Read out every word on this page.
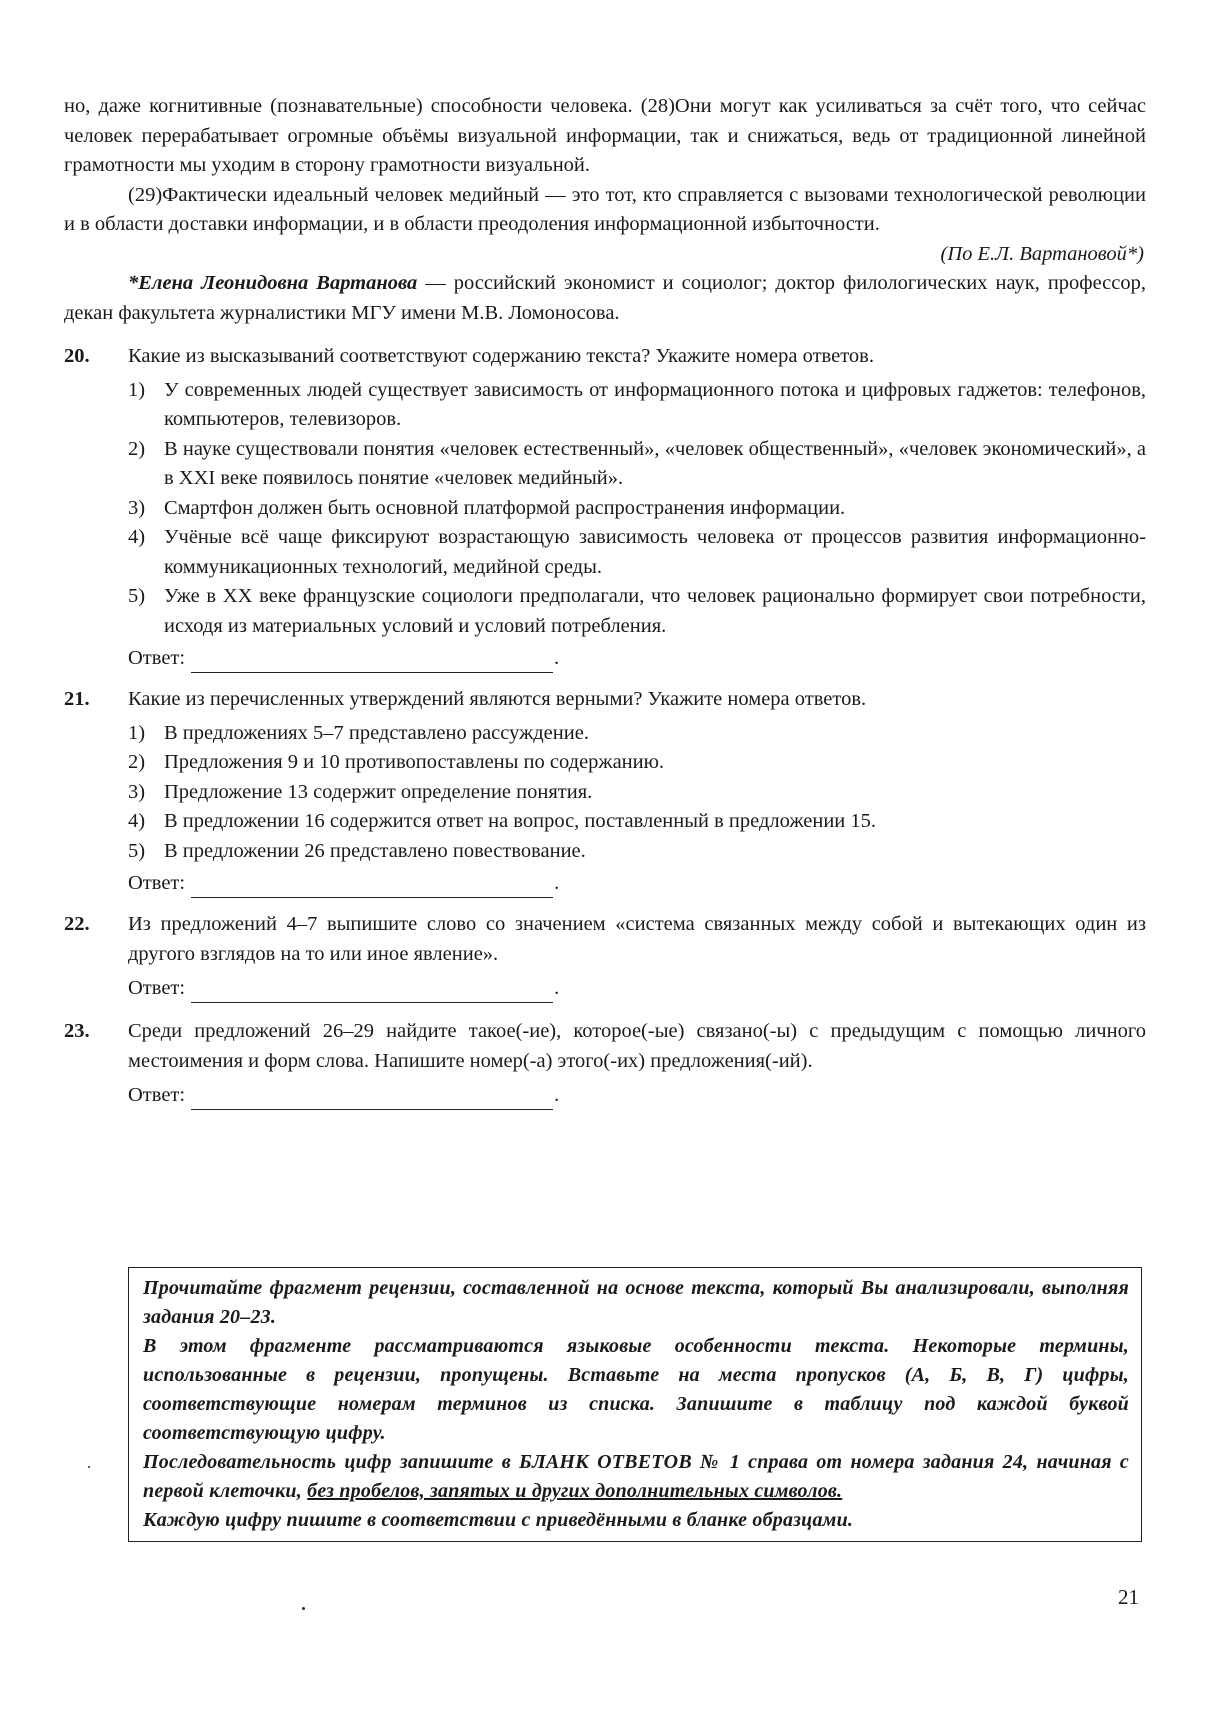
но, даже когнитивные (познавательные) способности человека. (28)Они могут как усиливаться за счёт того, что сейчас человек перерабатывает огромные объёмы визуальной информации, так и снижаться, ведь от традиционной линейной грамотности мы уходим в сторону грамотности визуальной.

(29)Фактически идеальный человек медийный — это тот, кто справляется с вызовами технологической революции и в области доставки информации, и в области преодоления информационной избыточности.

(По Е.Л. Вартановой*)

*Елена Леонидовна Вартанова — российский экономист и социолог; доктор филологических наук, профессор, декан факультета журналистики МГУ имени М.В. Ломоносова.

20. Какие из высказываний соответствуют содержанию текста? Укажите номера ответов.

1) У современных людей существует зависимость от информационного потока и цифровых гаджетов: телефонов, компьютеров, телевизоров.
2) В науке существовали понятия «человек естественный», «человек общественный», «человек экономический», а в XXI веке появилось понятие «человек медийный».
3) Смартфон должен быть основной платформой распространения информации.
4) Учёные всё чаще фиксируют возрастающую зависимость человека от процессов развития информационно-коммуникационных технологий, медийной среды.
5) Уже в XX веке французские социологи предполагали, что человек рационально формирует свои потребности, исходя из материальных условий и условий потребления.
Ответ:	.
21. Какие из перечисленных утверждений являются верными? Укажите номера ответов.

1) В предложениях 5–7 представлено рассуждение.
2) Предложения 9 и 10 противопоставлены по содержанию.
3) Предложение 13 содержит определение понятия.
4) В предложении 16 содержится ответ на вопрос, поставленный в предложении 15.
5) В предложении 26 представлено повествование.
Ответ:	.
22. Из предложений 4–7 выпишите слово со значением «система связанных между собой и вытекающих один из другого взглядов на то или иное явление».

Ответ:	.
23. Среди предложений 26–29 найдите такое(-ие), которое(-ые) связано(-ы) с предыдущим с помощью личного местоимения и форм слова. Напишите номер(-а) этого(-их) предложения(-ий).

Ответ:	.

Прочитайте фрагмент рецензии, составленной на основе текста, который Вы анализировали, выполняя задания 20–23.

В этом фрагменте рассматриваются языковые особенности текста. Некоторые термины, использованные в рецензии, пропущены. Вставьте на места пропусков (А, Б, В, Г) цифры, соответствующие номерам терминов из списка. Запишите в таблицу под каждой буквой соответствующую цифру.

Последовательность цифр запишите в БЛАНК ОТВЕТОВ № 1 справа от номера задания 24, начиная с первой клеточки, без пробелов, запятых и других дополнительных символов.

Каждую цифру пишите в соответствии с приведёнными в бланке образцами.

21
